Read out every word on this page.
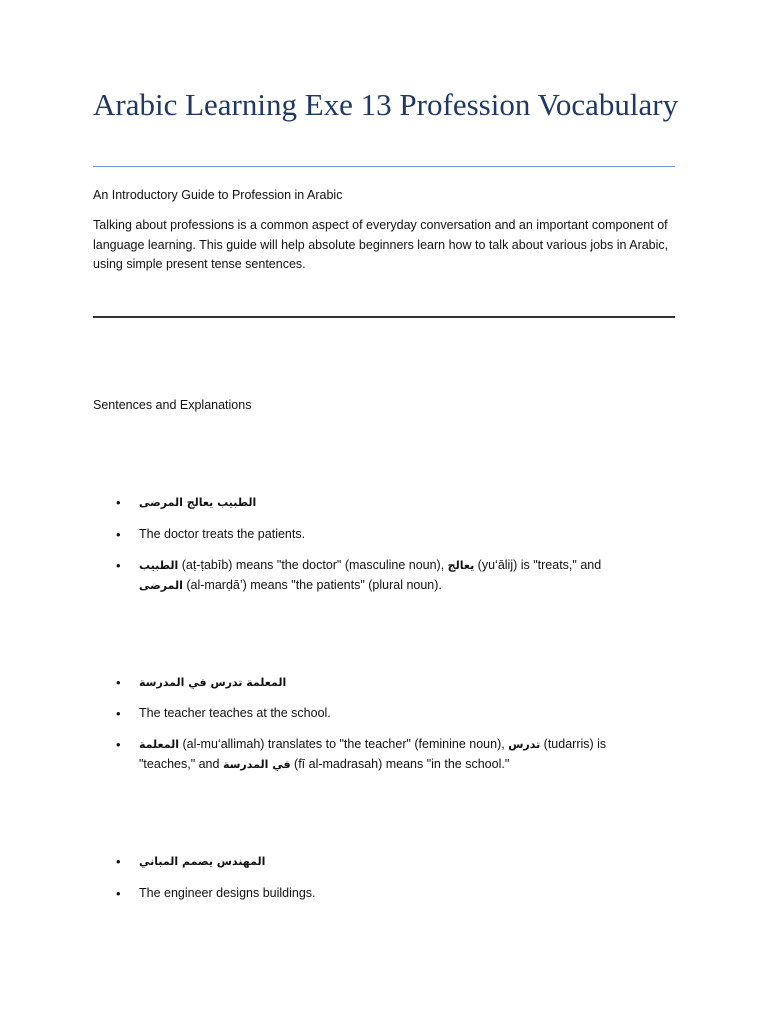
Arabic Learning Exe 13 Profession Vocabulary

An Introductory Guide to Profession in Arabic

Talking about professions is a common aspect of everyday conversation and an important component of language learning. This guide will help absolute beginners learn how to talk about various jobs in Arabic, using simple present tense sentences.

Sentences and Explanations

• الطبيب يعالج المرضى
• The doctor treats the patients.
• الطبيب (aṭ-ṭabīb) means "the doctor" (masculine noun), يعالج (yu‘ālij) is "treats," and المرضى (al-marḍā’) means "the patients" (plural noun).
• المعلمة تدرس في المدرسة
• The teacher teaches at the school.
• المعلمة (al-mu‘allimah) translates to "the teacher" (feminine noun), تدرس (tudarris) is "teaches," and في المدرسة (fī al-madrasah) means "in the school."
• المهندس يصمم المباني
• The engineer designs buildings.
